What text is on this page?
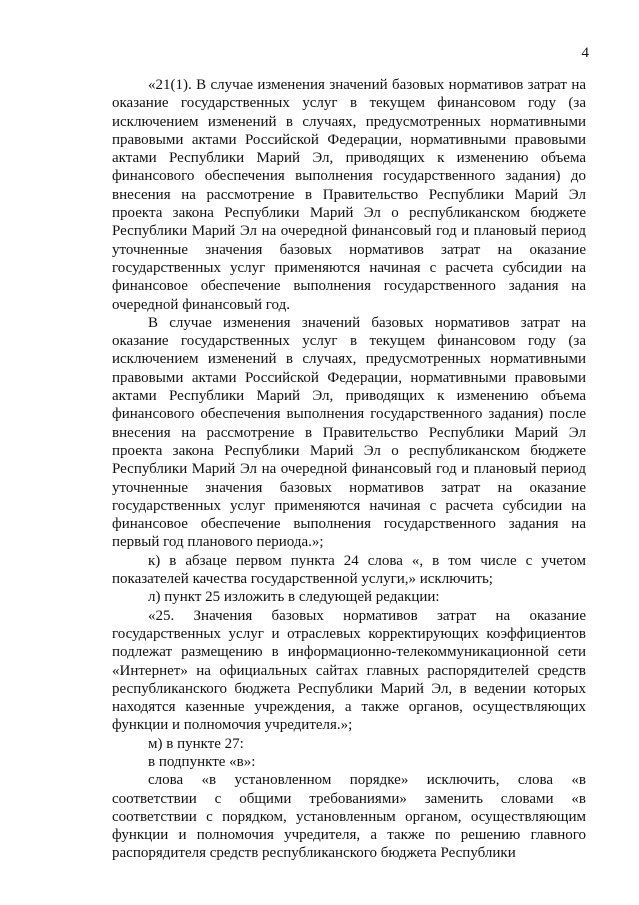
4

«21(1). В случае изменения значений базовых нормативов затрат на оказание государственных услуг в текущем финансовом году (за исключением изменений в случаях, предусмотренных нормативными правовыми актами Российской Федерации, нормативными правовыми актами Республики Марий Эл, приводящих к изменению объема финансового обеспечения выполнения государственного задания) до внесения на рассмотрение в Правительство Республики Марий Эл проекта закона Республики Марий Эл о республиканском бюджете Республики Марий Эл на очередной финансовый год и плановый период уточненные значения базовых нормативов затрат на оказание государственных услуг применяются начиная с расчета субсидии на финансовое обеспечение выполнения государственного задания на очередной финансовый год.

В случае изменения значений базовых нормативов затрат на оказание государственных услуг в текущем финансовом году (за исключением изменений в случаях, предусмотренных нормативными правовыми актами Российской Федерации, нормативными правовыми актами Республики Марий Эл, приводящих к изменению объема финансового обеспечения выполнения государственного задания) после внесения на рассмотрение в Правительство Республики Марий Эл проекта закона Республики Марий Эл о республиканском бюджете Республики Марий Эл на очередной финансовый год и плановый период уточненные значения базовых нормативов затрат на оказание государственных услуг применяются начиная с расчета субсидии на финансовое обеспечение выполнения государственного задания на первый год планового периода.»;

к) в абзаце первом пункта 24 слова «, в том числе с учетом показателей качества государственной услуги,» исключить;

л) пункт 25 изложить в следующей редакции:

«25. Значения базовых нормативов затрат на оказание государственных услуг и отраслевых корректирующих коэффициентов подлежат размещению в информационно-телекоммуникационной сети «Интернет» на официальных сайтах главных распорядителей средств республиканского бюджета Республики Марий Эл, в ведении которых находятся казенные учреждения, а также органов, осуществляющих функции и полномочия учредителя.»;

м) в пункте 27:

в подпункте «в»:

слова «в установленном порядке» исключить, слова «в соответствии с общими требованиями» заменить словами «в соответствии с порядком, установленным органом, осуществляющим функции и полномочия учредителя, а также по решению главного распорядителя средств республиканского бюджета Республики
